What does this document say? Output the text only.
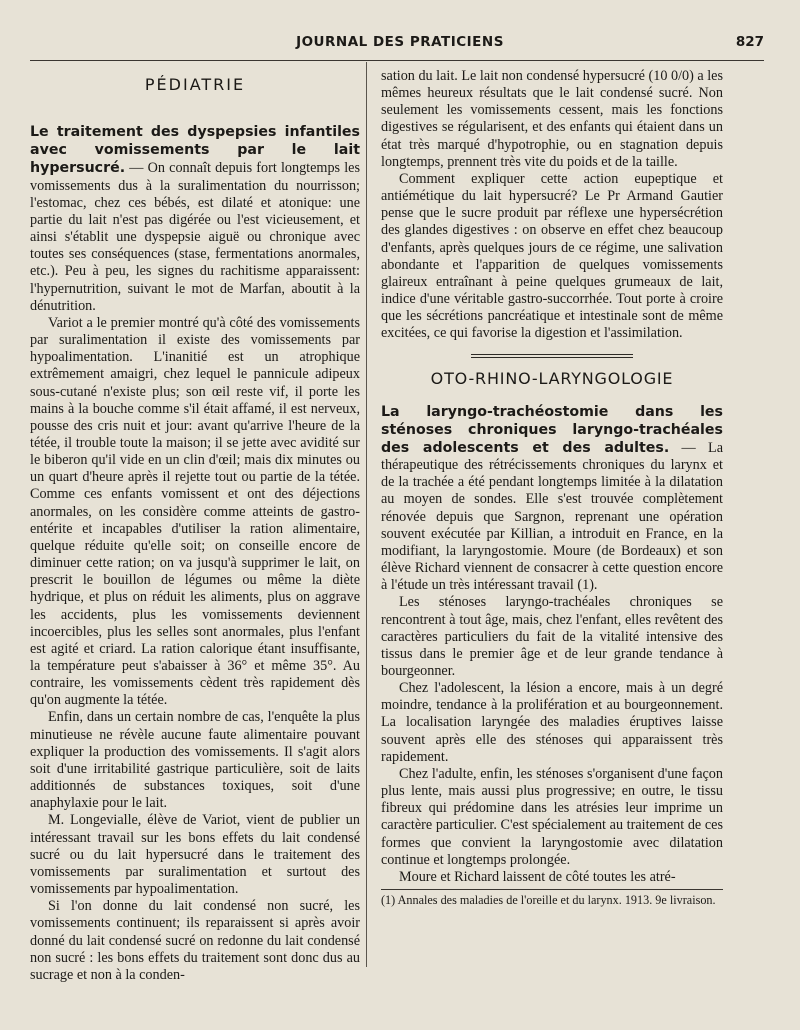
JOURNAL DES PRATICIENS	827
PÉDIATRIE

Le traitement des dyspepsies infantiles avec vomissements par le lait hypersucré. — On connaît depuis fort longtemps les vomissements dus à la suralimentation du nourrisson; l'estomac, chez ces bébés, est dilaté et atonique: une partie du lait n'est pas digérée ou l'est vicieusement, et ainsi s'établit une dyspepsie aiguë ou chronique avec toutes ses conséquences (stase, fermentations anormales, etc.). Peu à peu, les signes du rachitisme apparaissent: l'hypernutrition, suivant le mot de Marfan, aboutit à la dénutrition.

Variot a le premier montré qu'à côté des vomissements par suralimentation il existe des vomissements par hypoalimentation. L'inanitié est un atrophique extrêmement amaigri, chez lequel le pannicule adipeux sous-cutané n'existe plus; son œil reste vif, il porte les mains à la bouche comme s'il était affamé, il est nerveux, pousse des cris nuit et jour: avant qu'arrive l'heure de la tétée, il trouble toute la maison; il se jette avec avidité sur le biberon qu'il vide en un clin d'œil; mais dix minutes ou un quart d'heure après il rejette tout ou partie de la tétée. Comme ces enfants vomissent et ont des déjections anormales, on les considère comme atteints de gastro-entérite et incapables d'utiliser la ration alimentaire, quelque réduite qu'elle soit; on conseille encore de diminuer cette ration; on va jusqu'à supprimer le lait, on prescrit le bouillon de légumes ou même la diète hydrique, et plus on réduit les aliments, plus on aggrave les accidents, plus les vomissements deviennent incoercibles, plus les selles sont anormales, plus l'enfant est agité et criard. La ration calorique étant insuffisante, la température peut s'abaisser à 36° et même 35°. Au contraire, les vomissements cèdent très rapidement dès qu'on augmente la tétée.

Enfin, dans un certain nombre de cas, l'enquête la plus minutieuse ne révèle aucune faute alimentaire pouvant expliquer la production des vomissements. Il s'agit alors soit d'une irritabilité gastrique particulière, soit de laits additionnés de substances toxiques, soit d'une anaphylaxie pour le lait.

M. Longevialle, élève de Variot, vient de publier un intéressant travail sur les bons effets du lait condensé sucré ou du lait hypersucré dans le traitement des vomissements par suralimentation et surtout des vomissements par hypoalimentation.

Si l'on donne du lait condensé non sucré, les vomissements continuent; ils reparaissent si après avoir donné du lait condensé sucré on redonne du lait condensé non sucré : les bons effets du traitement sont donc dus au sucrage et non à la conden-

sation du lait. Le lait non condensé hypersucré (10 0/0) a les mêmes heureux résultats que le lait condensé sucré. Non seulement les vomissements cessent, mais les fonctions digestives se régularisent, et des enfants qui étaient dans un état très marqué d'hypotrophie, ou en stagnation depuis longtemps, prennent très vite du poids et de la taille.

Comment expliquer cette action eupeptique et antiémétique du lait hypersucré? Le Pr Armand Gautier pense que le sucre produit par réflexe une hypersécrétion des glandes digestives : on observe en effet chez beaucoup d'enfants, après quelques jours de ce régime, une salivation abondante et l'apparition de quelques vomissements glaireux entraînant à peine quelques grumeaux de lait, indice d'une véritable gastro-succorrhée. Tout porte à croire que les sécrétions pancréatique et intestinale sont de même excitées, ce qui favorise la digestion et l'assimilation.

OTO-RHINO-LARYNGOLOGIE

La laryngo-trachéostomie dans les sténoses chroniques laryngo-trachéales des adolescents et des adultes. — La thérapeutique des rétrécissements chroniques du larynx et de la trachée a été pendant longtemps limitée à la dilatation au moyen de sondes. Elle s'est trouvée complètement rénovée depuis que Sargnon, reprenant une opération souvent exécutée par Killian, a introduit en France, en la modifiant, la laryngostomie. Moure (de Bordeaux) et son élève Richard viennent de consacrer à cette question encore à l'étude un très intéressant travail (1).

Les sténoses laryngo-trachéales chroniques se rencontrent à tout âge, mais, chez l'enfant, elles revêtent des caractères particuliers du fait de la vitalité intensive des tissus dans le premier âge et de leur grande tendance à bourgeonner.

Chez l'adolescent, la lésion a encore, mais à un degré moindre, tendance à la prolifération et au bourgeonnement. La localisation laryngée des maladies éruptives laisse souvent après elle des sténoses qui apparaissent très rapidement.

Chez l'adulte, enfin, les sténoses s'organisent d'une façon plus lente, mais aussi plus progressive; en outre, le tissu fibreux qui prédomine dans les atrésies leur imprime un caractère particulier. C'est spécialement au traitement de ces formes que convient la laryngostomie avec dilatation continue et longtemps prolongée.

Moure et Richard laissent de côté toutes les atré-

(1) Annales des maladies de l'oreille et du larynx. 1913. 9e livraison.
